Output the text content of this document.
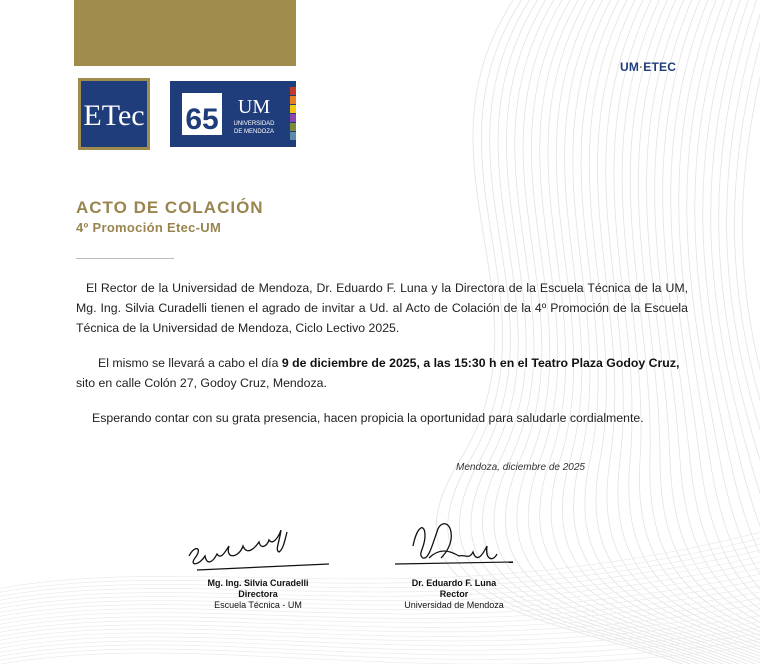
ETec 65 UM
UNIVERSIDAD
DE MENDOZA
UM·ETEC
ACTO DE COLACIÓN
4º Promoción Etec-UM

El Rector de la Universidad de Mendoza, Dr. Eduardo F. Luna y la Directora de la Escuela Técnica de la UM, Mg. Ing. Silvia Curadelli tienen el agrado de invitar a Ud. al Acto de Colación de la 4º Promoción de la Escuela Técnica de la Universidad de Mendoza, Ciclo Lectivo 2025.

El mismo se llevará a cabo el día 9 de diciembre de 2025, a las 15:30 h en el Teatro Plaza Godoy Cruz, sito en calle Colón 27, Godoy Cruz, Mendoza.

Esperando contar con su grata presencia, hacen propicia la oportunidad para saludarle cordialmente.

Mendoza, diciembre de 2025
Mg. Ing. Silvia Curadelli
Directora
Escuela Técnica - UM
Dr. Eduardo F. Luna
Rector
Universidad de Mendoza
